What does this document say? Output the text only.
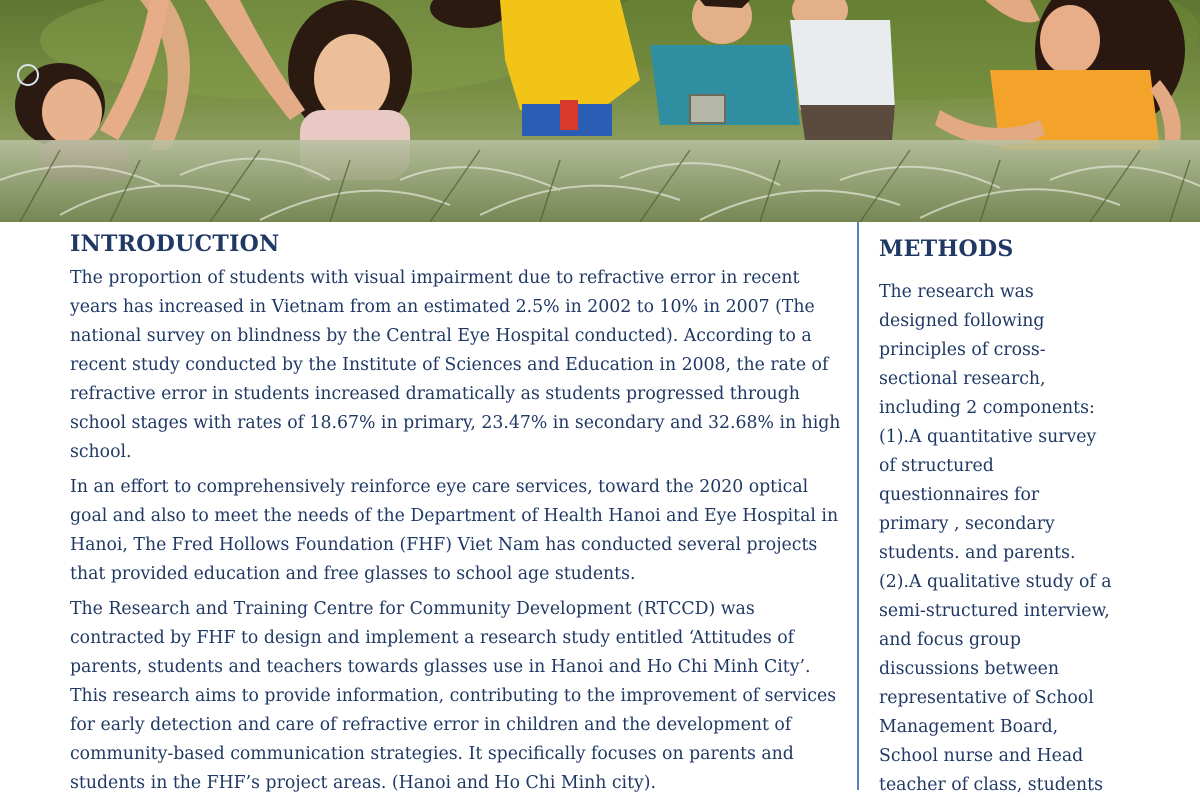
INTRODUCTION

The proportion of students with visual impairment due to refractive error in recent years has increased in Vietnam from an estimated 2.5% in 2002 to 10% in 2007 (The national survey on blindness by the Central Eye Hospital conducted). According to a recent study conducted by the Institute of Sciences and Education in 2008, the rate of refractive error in students increased dramatically as students progressed through school stages with rates of 18.67% in primary, 23.47% in secondary and 32.68% in high school.

In an effort to comprehensively reinforce eye care services, toward the 2020 optical goal and also to meet the needs of the Department of Health Hanoi and Eye Hospital in Hanoi, The Fred Hollows Foundation (FHF) Viet Nam has conducted several projects that provided education and free glasses to school age students.

The Research and Training Centre for Community Development (RTCCD) was contracted by FHF to design and implement a research study entitled ‘Attitudes of parents, students and teachers towards glasses use in Hanoi and Ho Chi Minh City’. This research aims to provide information, contributing to the improvement of services for early detection and care of refractive error in children and the development of community-based communication strategies. It specifically focuses on parents and students in the FHF’s project areas. (Hanoi and Ho Chi Minh city).

METHODS
The research was
designed following
principles of cross-
sectional research,
including 2 components:
(1).A quantitative survey
of structured
questionnaires for
primary , secondary
students. and parents.
(2).A qualitative study of a
semi-structured interview,
and focus group
discussions between
representative of School
Management Board,
School nurse and Head
teacher of class, students
